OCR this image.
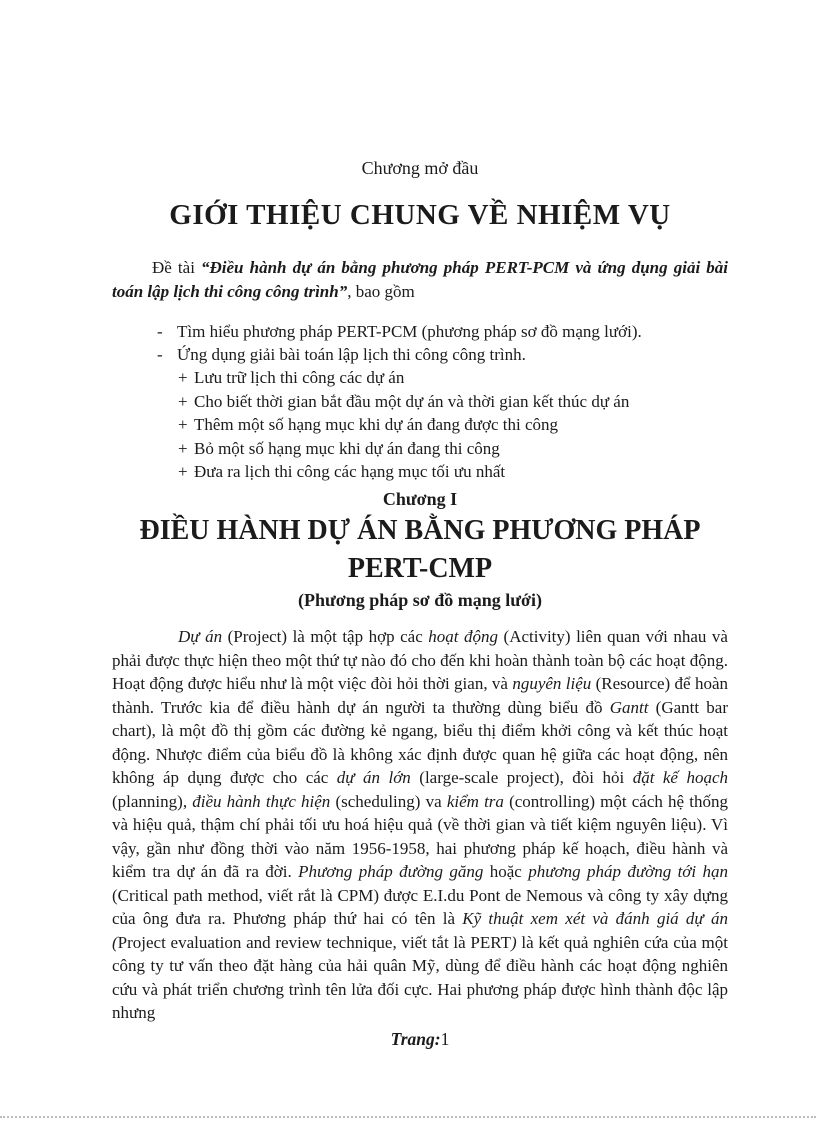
Chương mở đầu
GIỚI THIỆU CHUNG VỀ NHIỆM VỤ

Đề tài “Điều hành dự án bằng phương pháp PERT-PCM và ứng dụng giải bài toán lập lịch thi công công trình”, bao gồm

- Tìm hiểu phương pháp PERT-PCM (phương pháp sơ đồ mạng lưới).
- Ứng dụng giải bài toán lập lịch thi công công trình.
+ Lưu trữ lịch thi công các dự án
+ Cho biết thời gian bắt đầu một dự án và thời gian kết thúc dự án
+ Thêm một số hạng mục khi dự án đang được thi công
+ Bỏ một số hạng mục khi dự án đang thi công
+ Đưa ra lịch thi công các hạng mục tối ưu nhất
Chương I
ĐIỀU HÀNH DỰ ÁN BẰNG PHƯƠNG PHÁP
PERT-CMP
(Phương pháp sơ đồ mạng lưới)

Dự án (Project) là một tập hợp các hoạt động (Activity) liên quan với nhau và phải được thực hiện theo một thứ tự nào đó cho đến khi hoàn thành toàn bộ các hoạt động. Hoạt động được hiểu như là một việc đòi hỏi thời gian, và nguyên liệu (Resource) để hoàn thành. Trước kia để điều hành dự án người ta thường dùng biểu đồ Gantt (Gantt bar chart), là một đồ thị gồm các đường kẻ ngang, biểu thị điểm khởi công và kết thúc hoạt động. Nhược điểm của biểu đồ là không xác định được quan hệ giữa các hoạt động, nên không áp dụng được cho các dự án lớn (large-scale project), đòi hỏi đặt kế hoạch (planning), điều hành thực hiện (scheduling) va kiểm tra (controlling) một cách hệ thống và hiệu quả, thậm chí phải tối ưu hoá hiệu quả (về thời gian và tiết kiệm nguyên liệu). Vì vậy, gần như đồng thời vào năm 1956-1958, hai phương pháp kế hoạch, điều hành và kiểm tra dự án đã ra đời. Phương pháp đường găng hoặc phương pháp đường tới hạn (Critical path method, viết rắt là CPM) được E.I.du Pont de Nemous và công ty xây dựng của ông đưa ra. Phương pháp thứ hai có tên là Kỹ thuật xem xét và đánh giá dự án (Project evaluation and review technique, viết tắt là PERT) là kết quả nghiên cứa của một công ty tư vấn theo đặt hàng của hải quân Mỹ, dùng để điều hành các hoạt động nghiên cứu và phát triển chương trình tên lửa đối cực. Hai phương pháp được hình thành độc lập nhưng

Trang:1
